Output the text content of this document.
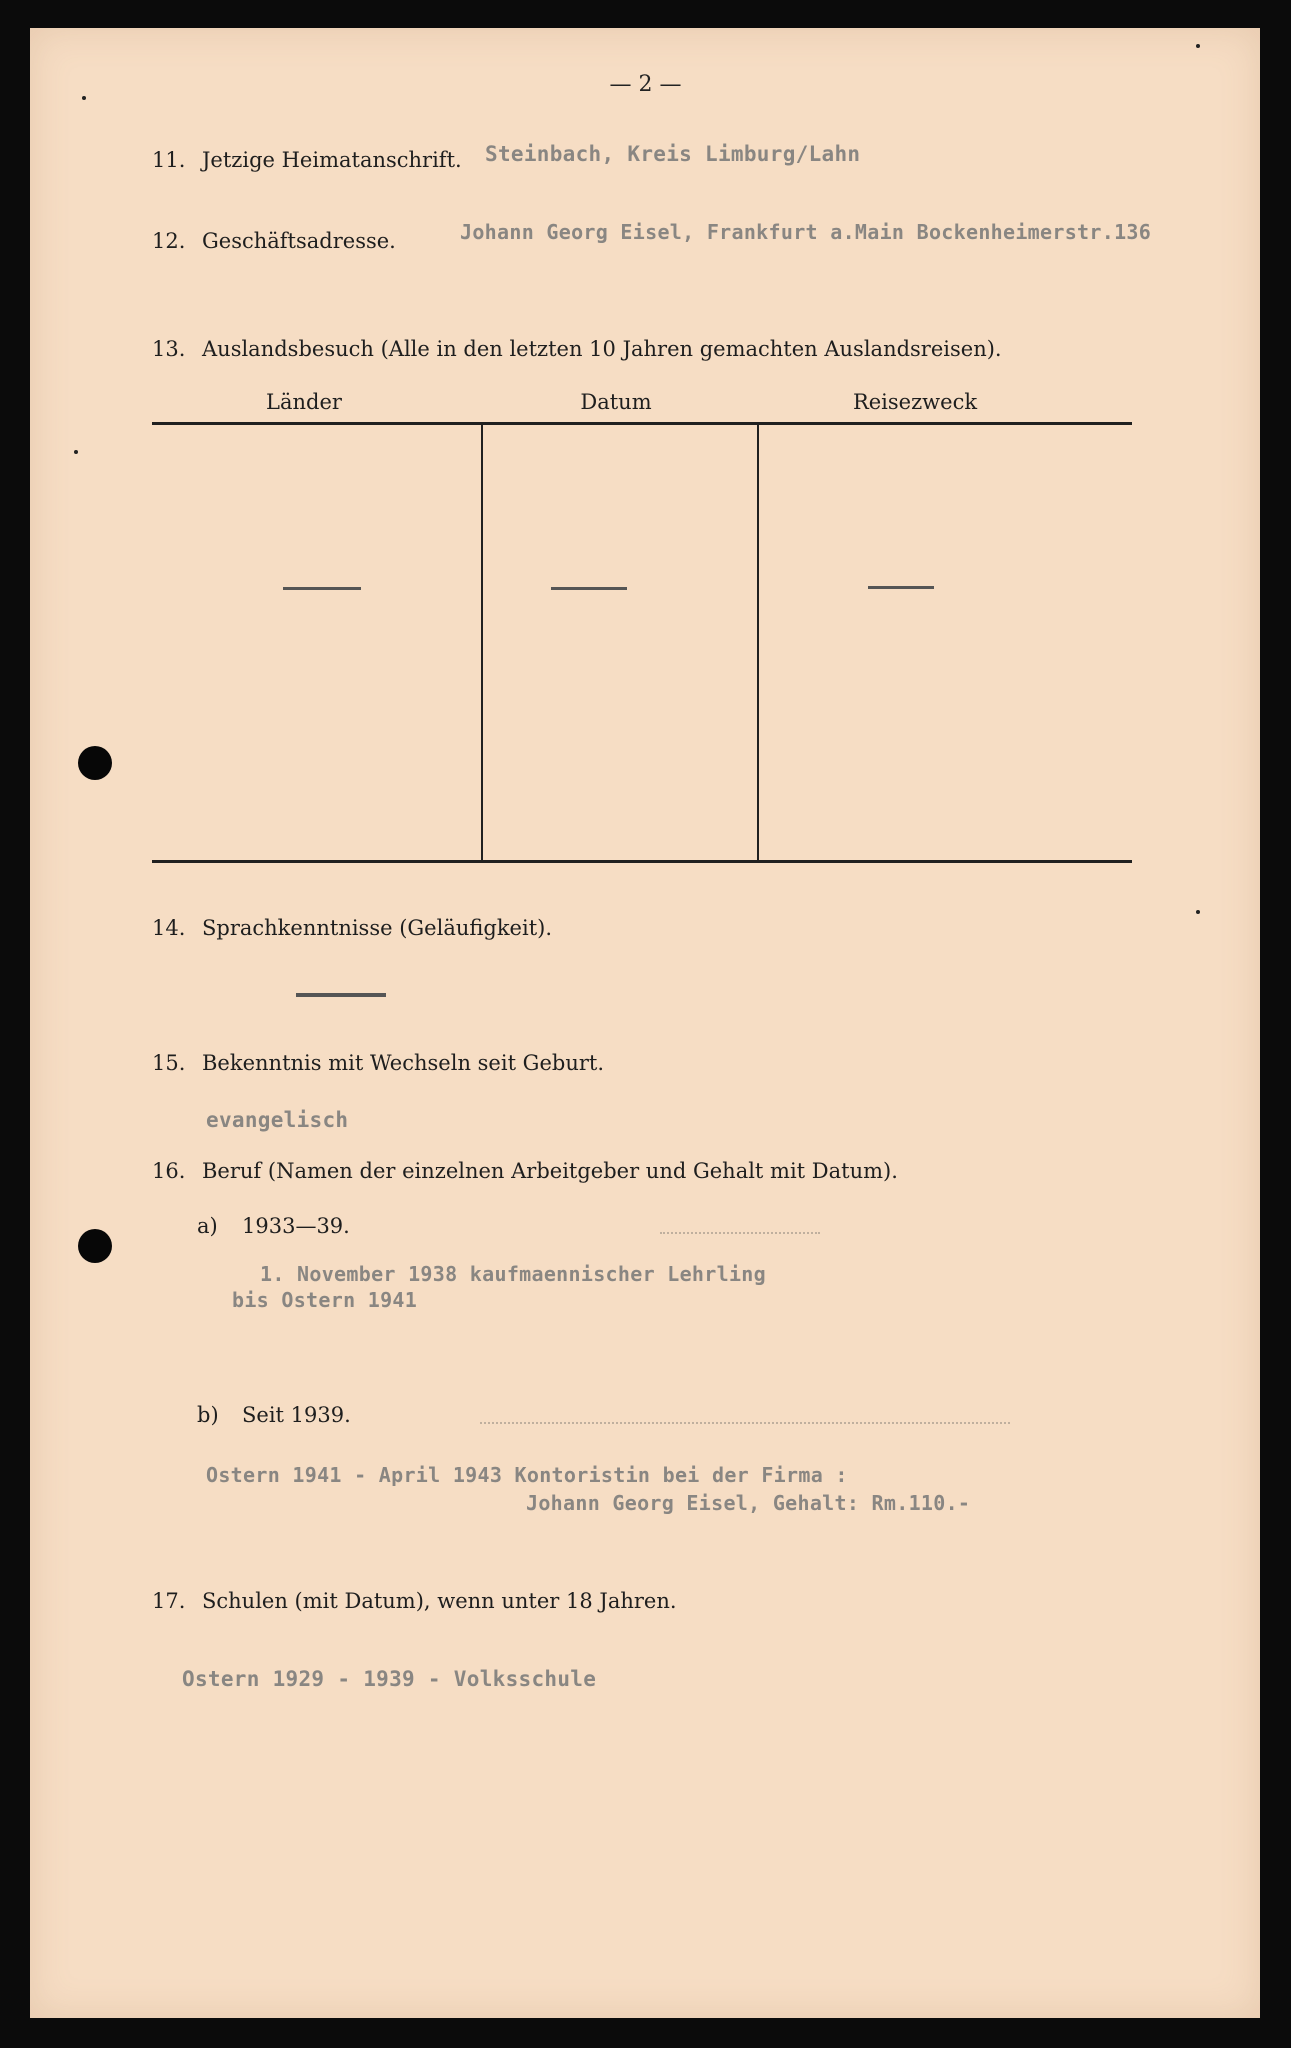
— 2 —
11. Jetzige Heimatanschrift. Steinbach, Kreis Limburg/Lahn
12. Geschäftsadresse.	Johann Georg Eisel, Frankfurt a.Main Bockenheimerstr.136
13. Auslandsbesuch (Alle in den letzten 10 Jahren gemachten Auslandsreisen).
Länder	Datum	Reisezweck
14. Sprachkenntnisse (Geläufigkeit).
15. Bekenntnis mit Wechseln seit Geburt.
evangelisch
16. Beruf (Namen der einzelnen Arbeitgeber und Gehalt mit Datum).
a) 1933—39.
1. November 1938 kaufmaennischer Lehrling
bis Ostern 1941
b) Seit 1939.
Ostern 1941 - April 1943 Kontoristin bei der Firma :
Johann Georg Eisel, Gehalt: Rm.110.-
17. Schulen (mit Datum), wenn unter 18 Jahren.
Ostern 1929 - 1939 - Volksschule
